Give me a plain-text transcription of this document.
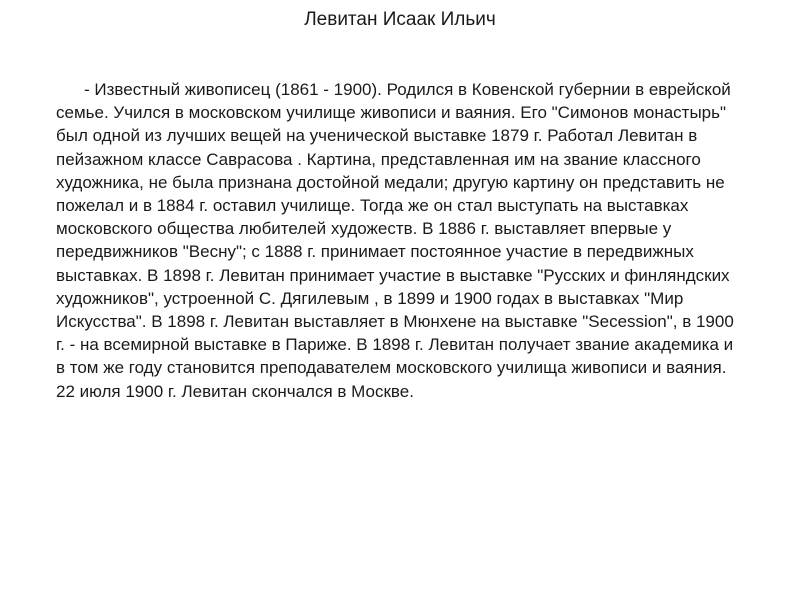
Левитан Исаак Ильич

- Известный живописец (1861 - 1900). Родился в Ковенской губернии в еврейской семье. Учился в московском училище живописи и ваяния. Его "Симонов монастырь" был одной из лучших вещей на ученической выставке 1879 г. Работал Левитан в пейзажном классе Саврасова . Картина, представленная им на звание классного художника, не была признана достойной медали; другую картину он представить не пожелал и в 1884 г. оставил училище. Тогда же он стал выступать на выставках московского общества любителей художеств. В 1886 г. выставляет впервые у передвижников "Весну"; с 1888 г. принимает постоянное участие в передвижных выставках. В 1898 г. Левитан принимает участие в выставке "Русских и финляндских художников", устроенной С. Дягилевым , в 1899 и 1900 годах в выставках "Мир Искусства". В 1898 г. Левитан выставляет в Мюнхене на выставке "Secession", в 1900 г. - на всемирной выставке в Париже. В 1898 г. Левитан получает звание академика и в том же году становится преподавателем московского училища живописи и ваяния. 22 июля 1900 г. Левитан скончался в Москве.
